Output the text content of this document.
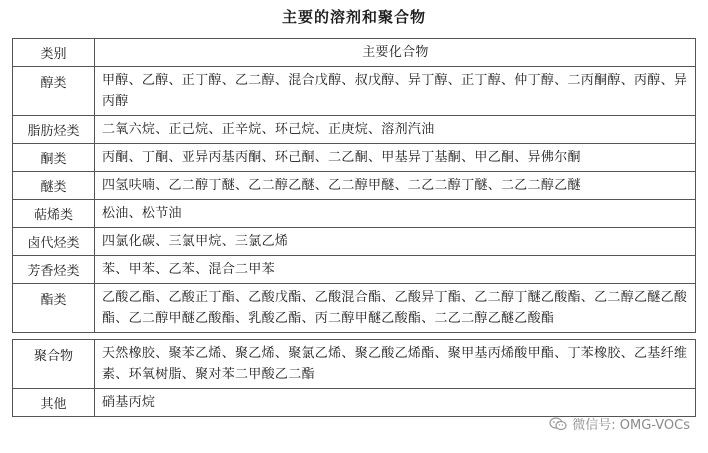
主要的溶剂和聚合物
类别	主要化合物
醇类	甲醇、乙醇、正丁醇、乙二醇、混合戊醇、叔戊醇、异丁醇、正丁醇、仲丁醇、二丙酮醇、丙醇、异丙醇
脂肪烃类	二氧六烷、正己烷、正辛烷、环己烷、正庚烷、溶剂汽油
酮类	丙酮、丁酮、亚异丙基丙酮、环己酮、二乙酮、甲基异丁基酮、甲乙酮、异佛尔酮
醚类	四氢呋喃、乙二醇丁醚、乙二醇乙醚、乙二醇甲醚、二乙二醇丁醚、二乙二醇乙醚
萜烯类	松油、松节油
卤代烃类	四氯化碳、三氯甲烷、三氯乙烯
芳香烃类	苯、甲苯、乙苯、混合二甲苯
酯类	乙酸乙酯、乙酸正丁酯、乙酸戊酯、乙酸混合酯、乙酸异丁酯、乙二醇丁醚乙酸酯、乙二醇乙醚乙酸酯、乙二醇甲醚乙酸酯、乳酸乙酯、丙二醇甲醚乙酸酯、二乙二醇乙醚乙酸酯
聚合物	天然橡胶、聚苯乙烯、聚乙烯、聚氯乙烯、聚乙酸乙烯酯、聚甲基丙烯酸甲酯、丁苯橡胶、乙基纤维素、环氧树脂、聚对苯二甲酸乙二酯
其他	硝基丙烷
微信号: OMG-VOCs
